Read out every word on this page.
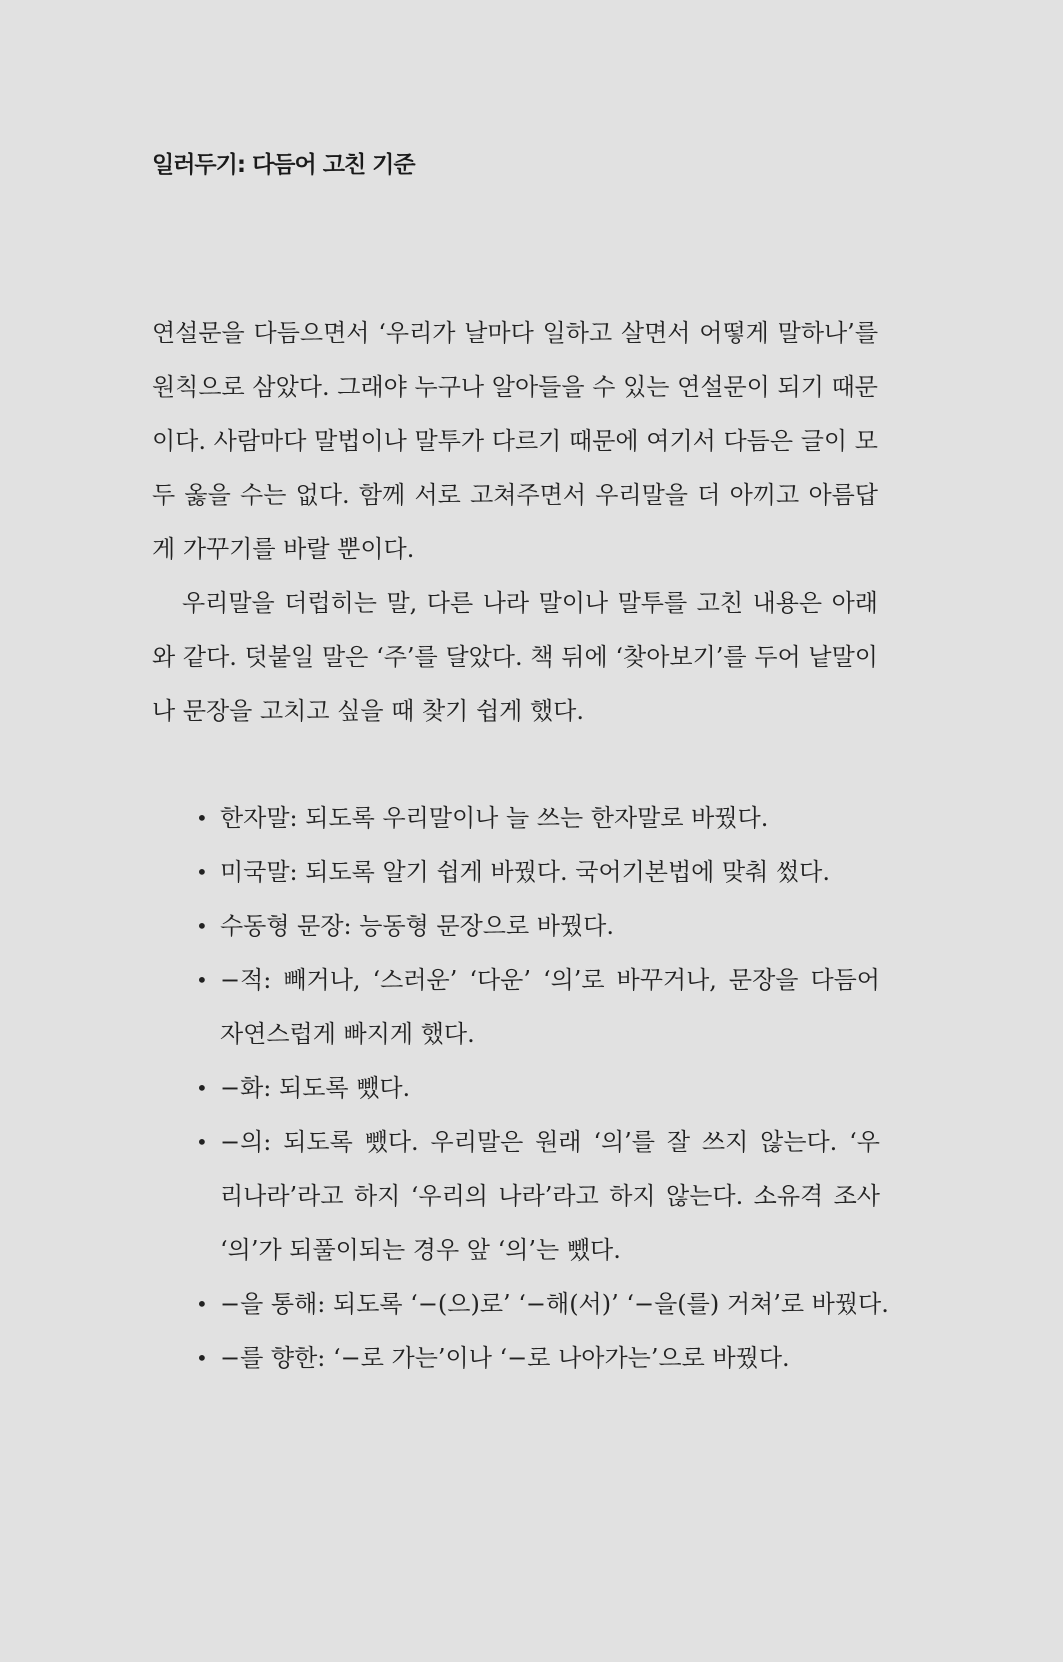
일러두기: 다듬어 고친 기준
연설문을 다듬으면서 ‘우리가 날마다 일하고 살면서 어떻게 말하나’를
원칙으로 삼았다. 그래야 누구나 알아들을 수 있는 연설문이 되기 때문
이다. 사람마다 말법이나 말투가 다르기 때문에 여기서 다듬은 글이 모
두 옳을 수는 없다. 함께 서로 고쳐주면서 우리말을 더 아끼고 아름답
게 가꾸기를 바랄 뿐이다.
우리말을 더럽히는 말, 다른 나라 말이나 말투를 고친 내용은 아래
와 같다. 덧붙일 말은 ‘주’를 달았다. 책 뒤에 ‘찾아보기’를 두어 낱말이
나 문장을 고치고 싶을 때 찾기 쉽게 했다.
• 한자말: 되도록 우리말이나 늘 쓰는 한자말로 바꿨다.
• 미국말: 되도록 알기 쉽게 바꿨다. 국어기본법에 맞춰 썼다.
• 수동형 문장: 능동형 문장으로 바꿨다.
• −적: 빼거나, ‘스러운’ ‘다운’ ‘의’로 바꾸거나, 문장을 다듬어
자연스럽게 빠지게 했다.
• −화: 되도록 뺐다.
• −의: 되도록 뺐다. 우리말은 원래 ‘의’를 잘 쓰지 않는다. ‘우
리나라’라고 하지 ‘우리의 나라’라고 하지 않는다. 소유격 조사
‘의’가 되풀이되는 경우 앞 ‘의’는 뺐다.
• −을 통해: 되도록 ‘−(으)로’ ‘−해(서)’ ‘−을(를) 거쳐’로 바꿨다.
• −를 향한: ‘−로 가는’이나 ‘−로 나아가는’으로 바꿨다.
